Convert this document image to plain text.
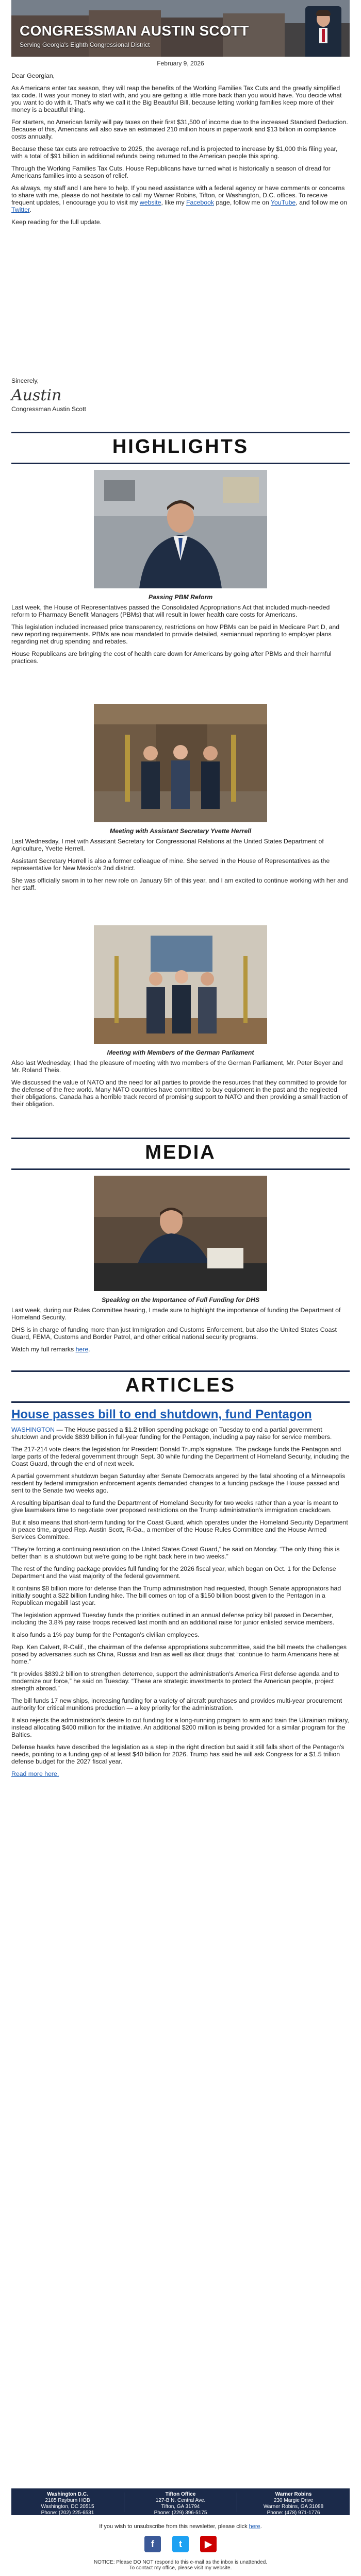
CONGRESSMAN AUSTIN SCOTT
Serving Georgia's Eighth Congressional District
February 9, 2026

Dear Georgian,

As Americans enter tax season, they will reap the benefits of the Working Families Tax Cuts and the greatly simplified tax code. It was your money to start with, and you are getting a little more back than you would have. You decide what you want to do with it. That's why we call it the Big Beautiful Bill, because letting working families keep more of their money is a beautiful thing.

For starters, no American family will pay taxes on their first $31,500 of income due to the increased Standard Deduction. Because of this, Americans will also save an estimated 210 million hours in paperwork and $13 billion in compliance costs annually.

Because these tax cuts are retroactive to 2025, the average refund is projected to increase by $1,000 this filing year, with a total of $91 billion in additional refunds being returned to the American people this spring.

Through the Working Families Tax Cuts, House Republicans have turned what is historically a season of dread for Americans families into a season of relief.

As always, my staff and I are here to help. If you need assistance with a federal agency or have comments or concerns to share with me, please do not hesitate to call my Warner Robins, Tifton, or Washington, D.C. offices. To receive frequent updates, I encourage you to visit my website, like my Facebook page, follow me on YouTube, and follow me on Twitter.

Keep reading for the full update.

Sincerely,
Austin
Congressman Austin Scott
HIGHLIGHTS
Passing PBM Reform

Last week, the House of Representatives passed the Consolidated Appropriations Act that included much-needed reform to Pharmacy Benefit Managers (PBMs) that will result in lower health care costs for Americans.

This legislation included increased price transparency, restrictions on how PBMs can be paid in Medicare Part D, and new reporting requirements. PBMs are now mandated to provide detailed, semiannual reporting to employer plans regarding net drug spending and rebates.

House Republicans are bringing the cost of health care down for Americans by going after PBMs and their harmful practices.

Meeting with Assistant Secretary Yvette Herrell

Last Wednesday, I met with Assistant Secretary for Congressional Relations at the United States Department of Agriculture, Yvette Herrell.

Assistant Secretary Herrell is also a former colleague of mine. She served in the House of Representatives as the representative for New Mexico's 2nd district.

She was officially sworn in to her new role on January 5th of this year, and I am excited to continue working with her and her staff.

Meeting with Members of the German Parliament

Also last Wednesday, I had the pleasure of meeting with two members of the German Parliament, Mr. Peter Beyer and Mr. Roland Theis.

We discussed the value of NATO and the need for all parties to provide the resources that they committed to provide for the defense of the free world. Many NATO countries have committed to buy equipment in the past and the neglected their obligations. Canada has a horrible track record of promising support to NATO and then providing a small fraction of their obligation.

MEDIA
Speaking on the Importance of Full Funding for DHS

Last week, during our Rules Committee hearing, I made sure to highlight the importance of funding the Department of Homeland Security.

DHS is in charge of funding more than just Immigration and Customs Enforcement, but also the United States Coast Guard, FEMA, Customs and Border Patrol, and other critical national security programs.

Watch my full remarks here.

ARTICLES
House passes bill to end shutdown, fund Pentagon

WASHINGTON — The House passed a $1.2 trillion spending package on Tuesday to end a partial government shutdown and provide $839 billion in full-year funding for the Pentagon, including a pay raise for service members.

The 217-214 vote clears the legislation for President Donald Trump's signature. The package funds the Pentagon and large parts of the federal government through Sept. 30 while funding the Department of Homeland Security, including the Coast Guard, through the end of next week.

A partial government shutdown began Saturday after Senate Democrats angered by the fatal shooting of a Minneapolis resident by federal immigration enforcement agents demanded changes to a funding package the House passed and sent to the Senate two weeks ago.

A resulting bipartisan deal to fund the Department of Homeland Security for two weeks rather than a year is meant to give lawmakers time to negotiate over proposed restrictions on the Trump administration's immigration crackdown.

But it also means that short-term funding for the Coast Guard, which operates under the Homeland Security Department in peace time, argued Rep. Austin Scott, R-Ga., a member of the House Rules Committee and the House Armed Services Committee.

“They're forcing a continuing resolution on the United States Coast Guard,” he said on Monday. “The only thing this is better than is a shutdown but we're going to be right back here in two weeks.”

The rest of the funding package provides full funding for the 2026 fiscal year, which began on Oct. 1 for the Defense Department and the vast majority of the federal government.

It contains $8 billion more for defense than the Trump administration had requested, though Senate appropriators had initially sought a $22 billion funding hike. The bill comes on top of a $150 billion boost given to the Pentagon in a Republican megabill last year.

The legislation approved Tuesday funds the priorities outlined in an annual defense policy bill passed in December, including the 3.8% pay raise troops received last month and an additional raise for junior enlisted service members.

It also funds a 1% pay bump for the Pentagon's civilian employees.

Rep. Ken Calvert, R-Calif., the chairman of the defense appropriations subcommittee, said the bill meets the challenges posed by adversaries such as China, Russia and Iran as well as illicit drugs that “continue to harm Americans here at home.”

“It provides $839.2 billion to strengthen deterrence, support the administration's America First defense agenda and to modernize our force,” he said on Tuesday. “These are strategic investments to protect the American people, project strength abroad.”

The bill funds 17 new ships, increasing funding for a variety of aircraft purchases and provides multi-year procurement authority for critical munitions production — a key priority for the administration.

It also rejects the administration's desire to cut funding for a long-running program to arm and train the Ukrainian military, instead allocating $400 million for the initiative. An additional $200 million is being provided for a similar program for the Baltics.

Defense hawks have described the legislation as a step in the right direction but said it still falls short of the Pentagon's needs, pointing to a funding gap of at least $40 billion for 2026. Trump has said he will ask Congress for a $1.5 trillion defense budget for the 2027 fiscal year.

Read more here.

Washington D.C.
2185 Rayburn HOB
Washington, DC 20515
Phone: (202) 225-6531
Tifton Office
127-B N. Central Ave.
Tifton, GA 31794
Phone: (229) 396-5175
Warner Robins
230 Margie Drive
Warner Robins, GA 31088
Phone: (478) 971-1776
If you wish to unsubscribe from this newsletter, please click here.
f	t	▶
NOTICE: Please DO NOT respond to this e-mail as the inbox is unattended.
To contact my office, please visit my website.
